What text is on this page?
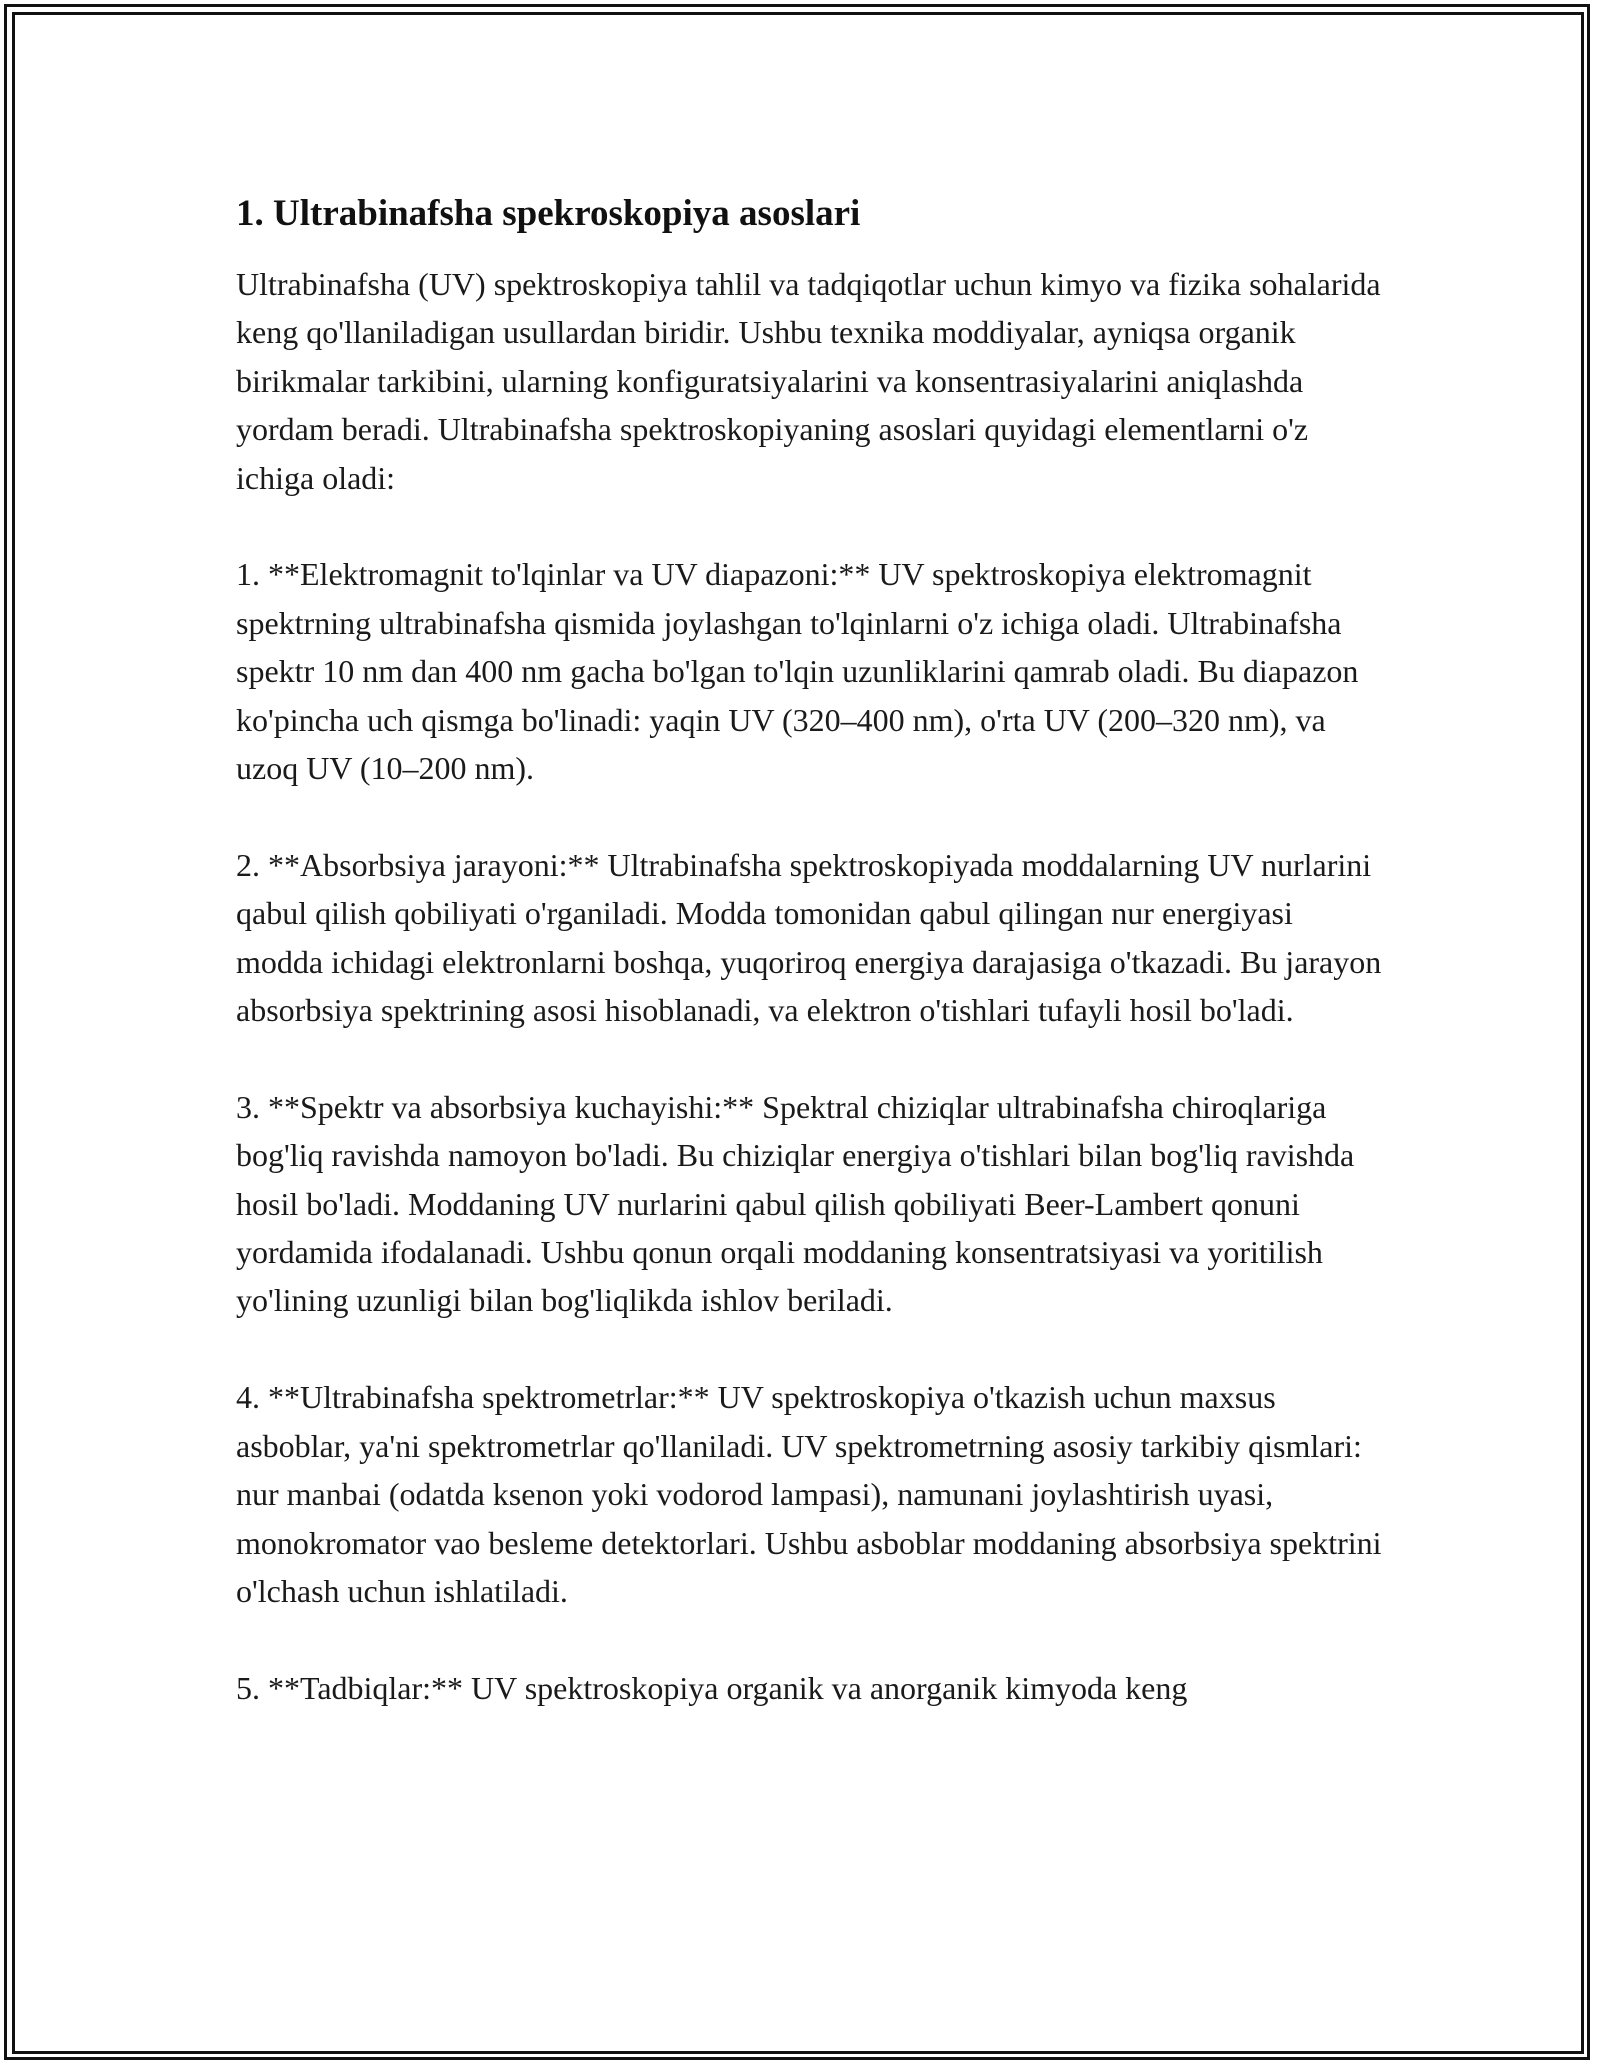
1. Ultrabinafsha spekroskopiya asoslari

Ultrabinafsha (UV) spektroskopiya tahlil va tadqiqotlar uchun kimyo va fizika sohalarida keng qo'llaniladigan usullardan biridir. Ushbu texnika moddiyalar, ayniqsa organik birikmalar tarkibini, ularning konfiguratsiyalarini va konsentrasiyalarini aniqlashda yordam beradi. Ultrabinafsha spektroskopiyaning asoslari quyidagi elementlarni o'z ichiga oladi:

1. **Elektromagnit to'lqinlar va UV diapazoni:** UV spektroskopiya elektromagnit spektrning ultrabinafsha qismida joylashgan to'lqinlarni o'z ichiga oladi. Ultrabinafsha spektr 10 nm dan 400 nm gacha bo'lgan to'lqin uzunliklarini qamrab oladi. Bu diapazon ko'pincha uch qismga bo'linadi: yaqin UV (320–400 nm), o'rta UV (200–320 nm), va uzoq UV (10–200 nm).

2. **Absorbsiya jarayoni:** Ultrabinafsha spektroskopiyada moddalarning UV nurlarini qabul qilish qobiliyati o'rganiladi. Modda tomonidan qabul qilingan nur energiyasi modda ichidagi elektronlarni boshqa, yuqoriroq energiya darajasiga o'tkazadi. Bu jarayon absorbsiya spektrining asosi hisoblanadi, va elektron o'tishlari tufayli hosil bo'ladi.

3. **Spektr va absorbsiya kuchayishi:** Spektral chiziqlar ultrabinafsha chiroqlariga bog'liq ravishda namoyon bo'ladi. Bu chiziqlar energiya o'tishlari bilan bog'liq ravishda hosil bo'ladi. Moddaning UV nurlarini qabul qilish qobiliyati Beer-Lambert qonuni yordamida ifodalanadi. Ushbu qonun orqali moddaning konsentratsiyasi va yoritilish yo'lining uzunligi bilan bog'liqlikda ishlov beriladi.

4. **Ultrabinafsha spektrometrlar:** UV spektroskopiya o'tkazish uchun maxsus asboblar, ya'ni spektrometrlar qo'llaniladi. UV spektrometrning asosiy tarkibiy qismlari: nur manbai (odatda ksenon yoki vodorod lampasi), namunani joylashtirish uyasi, monokromator vao besleme detektorlari. Ushbu asboblar moddaning absorbsiya spektrini o'lchash uchun ishlatiladi.

5. **Tadbiqlar:** UV spektroskopiya organik va anorganik kimyoda keng
